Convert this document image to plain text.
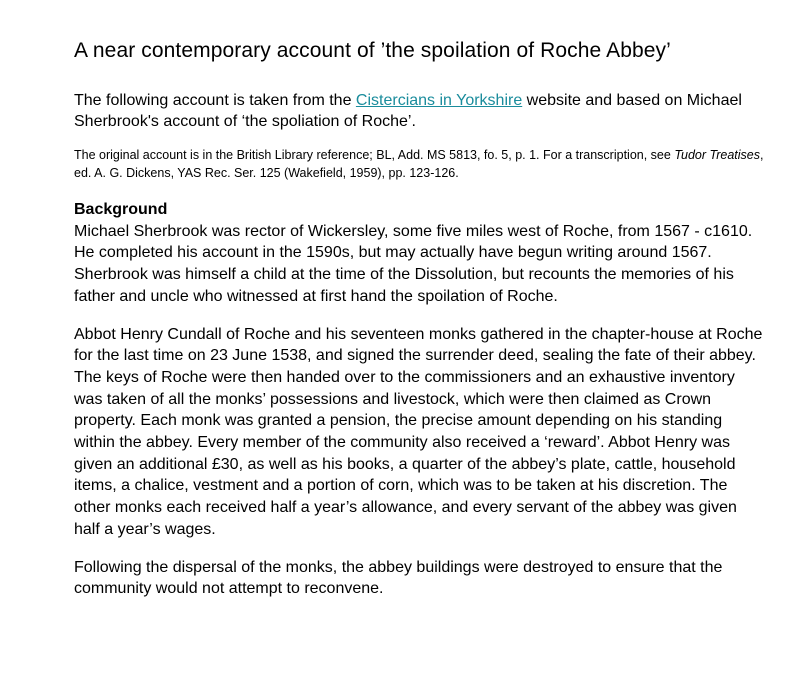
A near contemporary account of ’the spoilation of Roche Abbey’

The following account is taken from the Cistercians in Yorkshire website and based on Michael Sherbrook's account of ‘the spoliation of Roche’.

The original account is in the British Library reference; BL, Add. MS 5813, fo. 5, p. 1. For a transcription, see Tudor Treatises, ed. A. G. Dickens, YAS Rec. Ser. 125 (Wakefield, 1959), pp. 123-126.

Background
Michael Sherbrook was rector of Wickersley, some five miles west of Roche, from 1567 - c1610. He completed his account in the 1590s, but may actually have begun writing around 1567. Sherbrook was himself a child at the time of the Dissolution, but recounts the memories of his father and uncle who witnessed at first hand the spoilation of Roche.

Abbot Henry Cundall of Roche and his seventeen monks gathered in the chapter-house at Roche for the last time on 23 June 1538, and signed the surrender deed, sealing the fate of their abbey. The keys of Roche were then handed over to the commissioners and an exhaustive inventory was taken of all the monks’ possessions and livestock, which were then claimed as Crown property. Each monk was granted a pension, the precise amount depending on his standing within the abbey. Every member of the community also received a ‘reward’. Abbot Henry was given an additional £30, as well as his books, a quarter of the abbey’s plate, cattle, household items, a chalice, vestment and a portion of corn, which was to be taken at his discretion. The other monks each received half a year’s allowance, and every servant of the abbey was given half a year’s wages.

Following the dispersal of the monks, the abbey buildings were destroyed to ensure that the community would not attempt to reconvene.
